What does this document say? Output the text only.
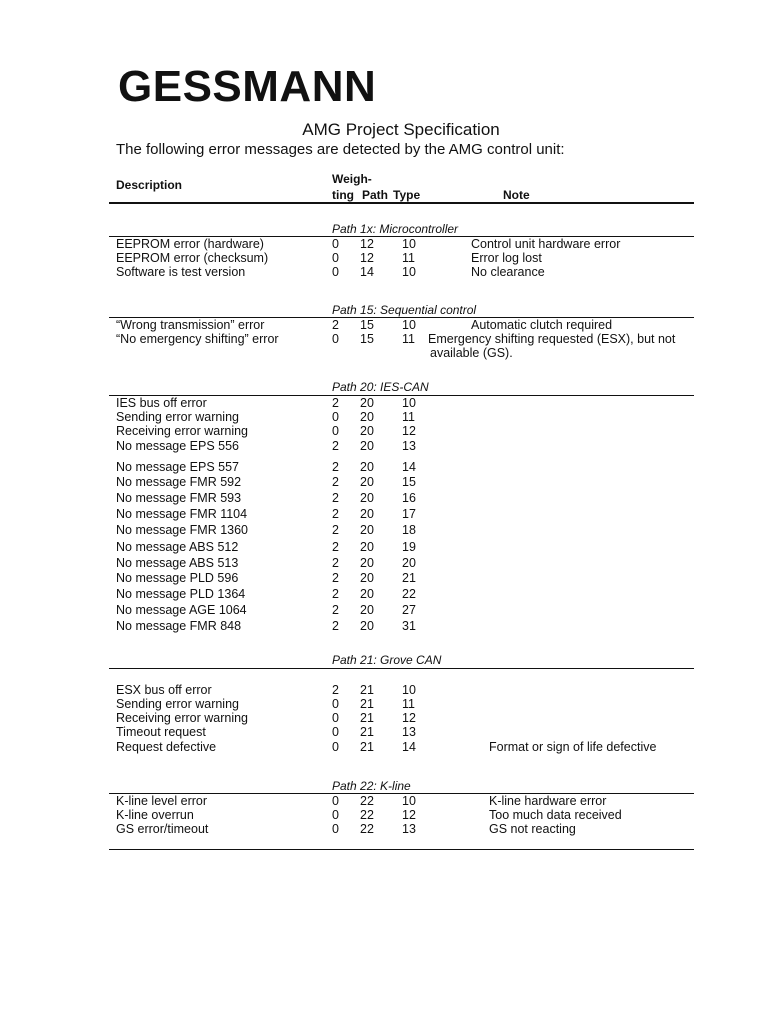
GESSMANN
AMG Project Specification
The following error messages are detected by the AMG control unit:
Description	Weigh-
ting Path Type	Note
Path 1x: Microcontroller
EEPROM error (hardware)	0 12 10	Control unit hardware error
EEPROM error (checksum)	0 12 11	Error log lost
Software is test version	0 14 10	No clearance
Path 15: Sequential control
“Wrong transmission” error	2 15 10	Automatic clutch required
“No emergency shifting” error	0 15 11 Emergency shifting requested (ESX), but not
available (GS).
Path 20: IES-CAN
IES bus off error	2 20 10
Sending error warning	0 20 11
Receiving error warning	0 20 12
No message EPS 556	2 20 13
No message EPS 557	2 20 14
No message FMR 592	2 20 15
No message FMR 593	2 20 16
No message FMR 1104	2 20 17
No message FMR 1360	2 20 18
No message ABS 512	2 20 19
No message ABS 513	2 20 20
No message PLD 596	2 20 21
No message PLD 1364	2 20 22
No message AGE 1064	2 20 27
No message FMR 848	2 20 31
Path 21: Grove CAN
ESX bus off error	2 21 10
Sending error warning	0 21 11
Receiving error warning	0 21 12
Timeout request	0 21 13
Request defective	0 21 14	Format or sign of life defective
Path 22: K-line
K-line level error	0 22 10	K-line hardware error
K-line overrun	0 22 12	Too much data received
GS error/timeout	0 22 13	GS not reacting
